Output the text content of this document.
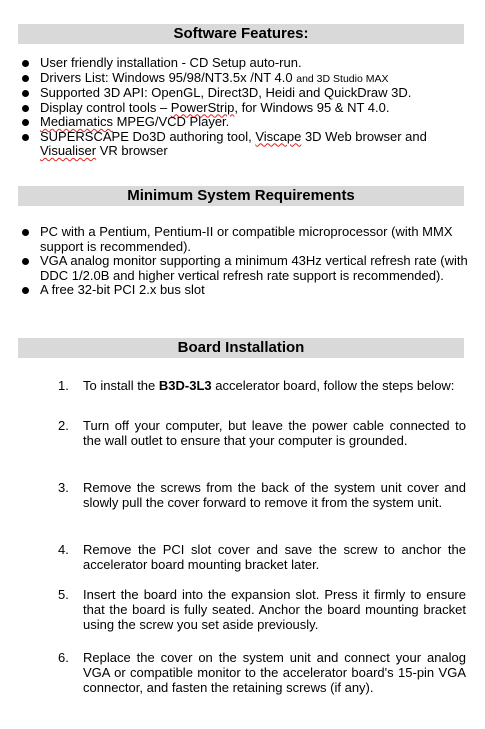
Software Features:
User friendly installation - CD Setup auto-run.
Drivers List: Windows 95/98/NT3.5x /NT 4.0 and 3D Studio MAX
Supported 3D API: OpenGL, Direct3D, Heidi and QuickDraw 3D.
Display control tools – PowerStrip, for Windows 95 & NT 4.0.
Mediamatics MPEG/VCD Player.
SUPERSCAPE Do3D authoring tool, Viscape 3D Web browser and Visualiser VR browser
Minimum System Requirements
PC with a Pentium, Pentium-II or compatible microprocessor (with MMX support is recommended).
VGA analog monitor supporting a minimum 43Hz vertical refresh rate (with DDC 1/2.0B and higher vertical refresh rate support is recommended).
A free 32-bit PCI 2.x bus slot
Board Installation
1.	To install the B3D-3L3 accelerator board, follow the steps below:
2.	Turn off your computer, but leave the power cable connected to the wall outlet to ensure that your computer is grounded.
3.	Remove the screws from the back of the system unit cover and slowly pull the cover forward to remove it from the system unit.
4.	Remove the PCI slot cover and save the screw to anchor the accelerator board mounting bracket later.
5.	Insert the board into the expansion slot. Press it firmly to ensure that the board is fully seated. Anchor the board mounting bracket using the screw you set aside previously.
6.	Replace the cover on the system unit and connect your analog VGA or compatible monitor to the accelerator board's 15-pin VGA connector, and fasten the retaining screws (if any).
